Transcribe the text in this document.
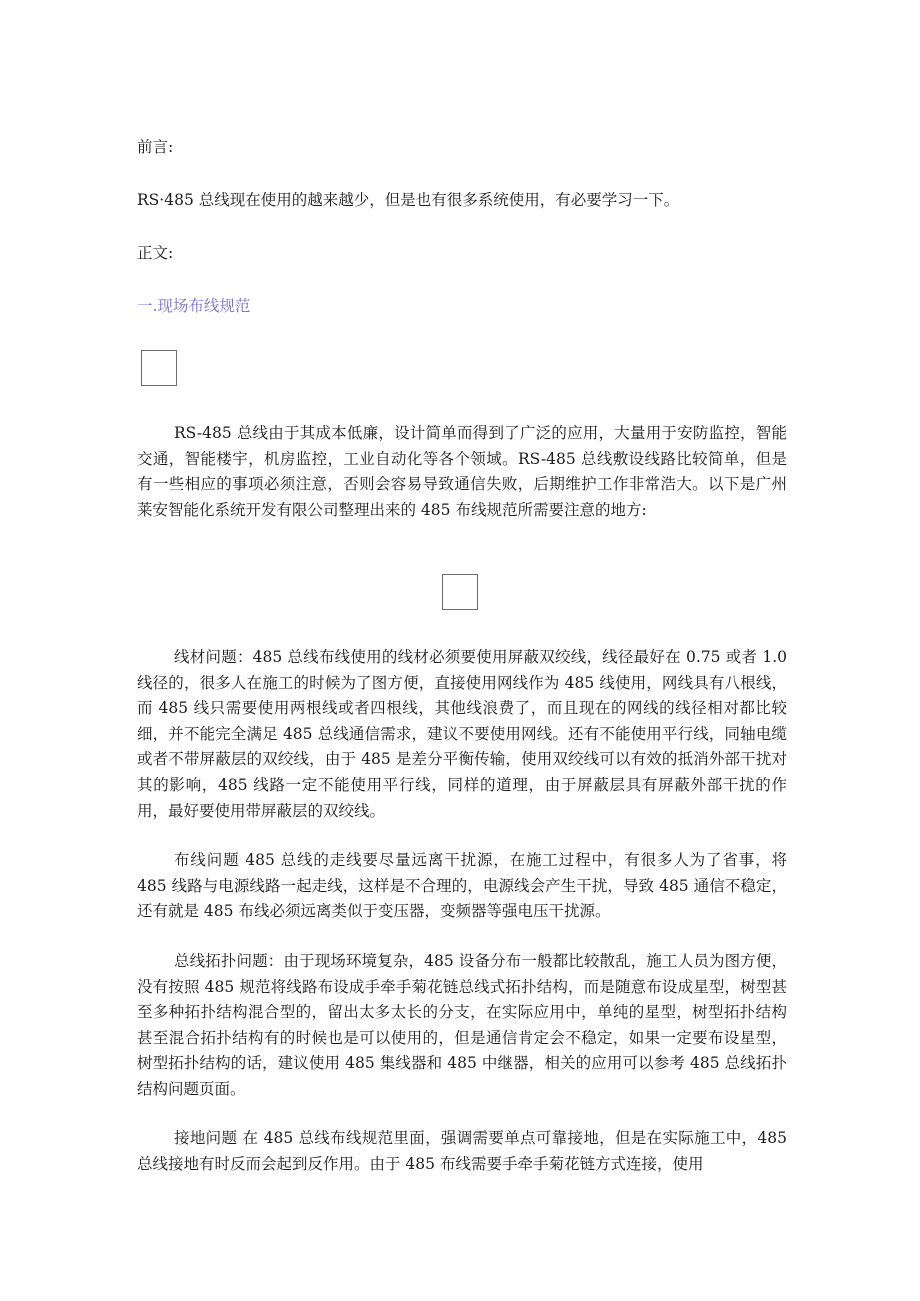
前言:

RS·485 总线现在使用的越来越少，但是也有很多系统使用，有必要学习一下。

正文:

一.现场布线规范

RS-485 总线由于其成本低廉，设计简单而得到了广泛的应用，大量用于安防监控，智能交通，智能楼宇，机房监控，工业自动化等各个领域。RS-485 总线敷设线路比较简单，但是有一些相应的事项必须注意，否则会容易导致通信失败，后期维护工作非常浩大。以下是广州莱安智能化系统开发有限公司整理出来的 485 布线规范所需要注意的地方:

线材问题：485 总线布线使用的线材必须要使用屏蔽双绞线，线径最好在 0.75 或者 1.0 线径的，很多人在施工的时候为了图方便，直接使用网线作为 485 线使用，网线具有八根线，而 485 线只需要使用两根线或者四根线，其他线浪费了，而且现在的网线的线径相对都比较细，并不能完全满足 485 总线通信需求，建议不要使用网线。还有不能使用平行线，同轴电缆或者不带屏蔽层的双绞线，由于 485 是差分平衡传输，使用双绞线可以有效的抵消外部干扰对其的影响，485 线路一定不能使用平行线，同样的道理，由于屏蔽层具有屏蔽外部干扰的作用，最好要使用带屏蔽层的双绞线。

布线问题 485 总线的走线要尽量远离干扰源，在施工过程中，有很多人为了省事，将 485 线路与电源线路一起走线，这样是不合理的，电源线会产生干扰，导致 485 通信不稳定，还有就是 485 布线必须远离类似于变压器，变频器等强电压干扰源。

总线拓扑问题：由于现场环境复杂，485 设备分布一般都比较散乱，施工人员为图方便，没有按照 485 规范将线路布设成手牵手菊花链总线式拓扑结构，而是随意布设成星型，树型甚至多种拓扑结构混合型的，留出太多太长的分支，在实际应用中，单纯的星型，树型拓扑结构甚至混合拓扑结构有的时候也是可以使用的，但是通信肯定会不稳定，如果一定要布设星型，树型拓扑结构的话，建议使用 485 集线器和 485 中继器，相关的应用可以参考 485 总线拓扑结构问题页面。

接地问题 在 485 总线布线规范里面，强调需要单点可靠接地，但是在实际施工中，485 总线接地有时反而会起到反作用。由于 485 布线需要手牵手菊花链方式连接，使用
